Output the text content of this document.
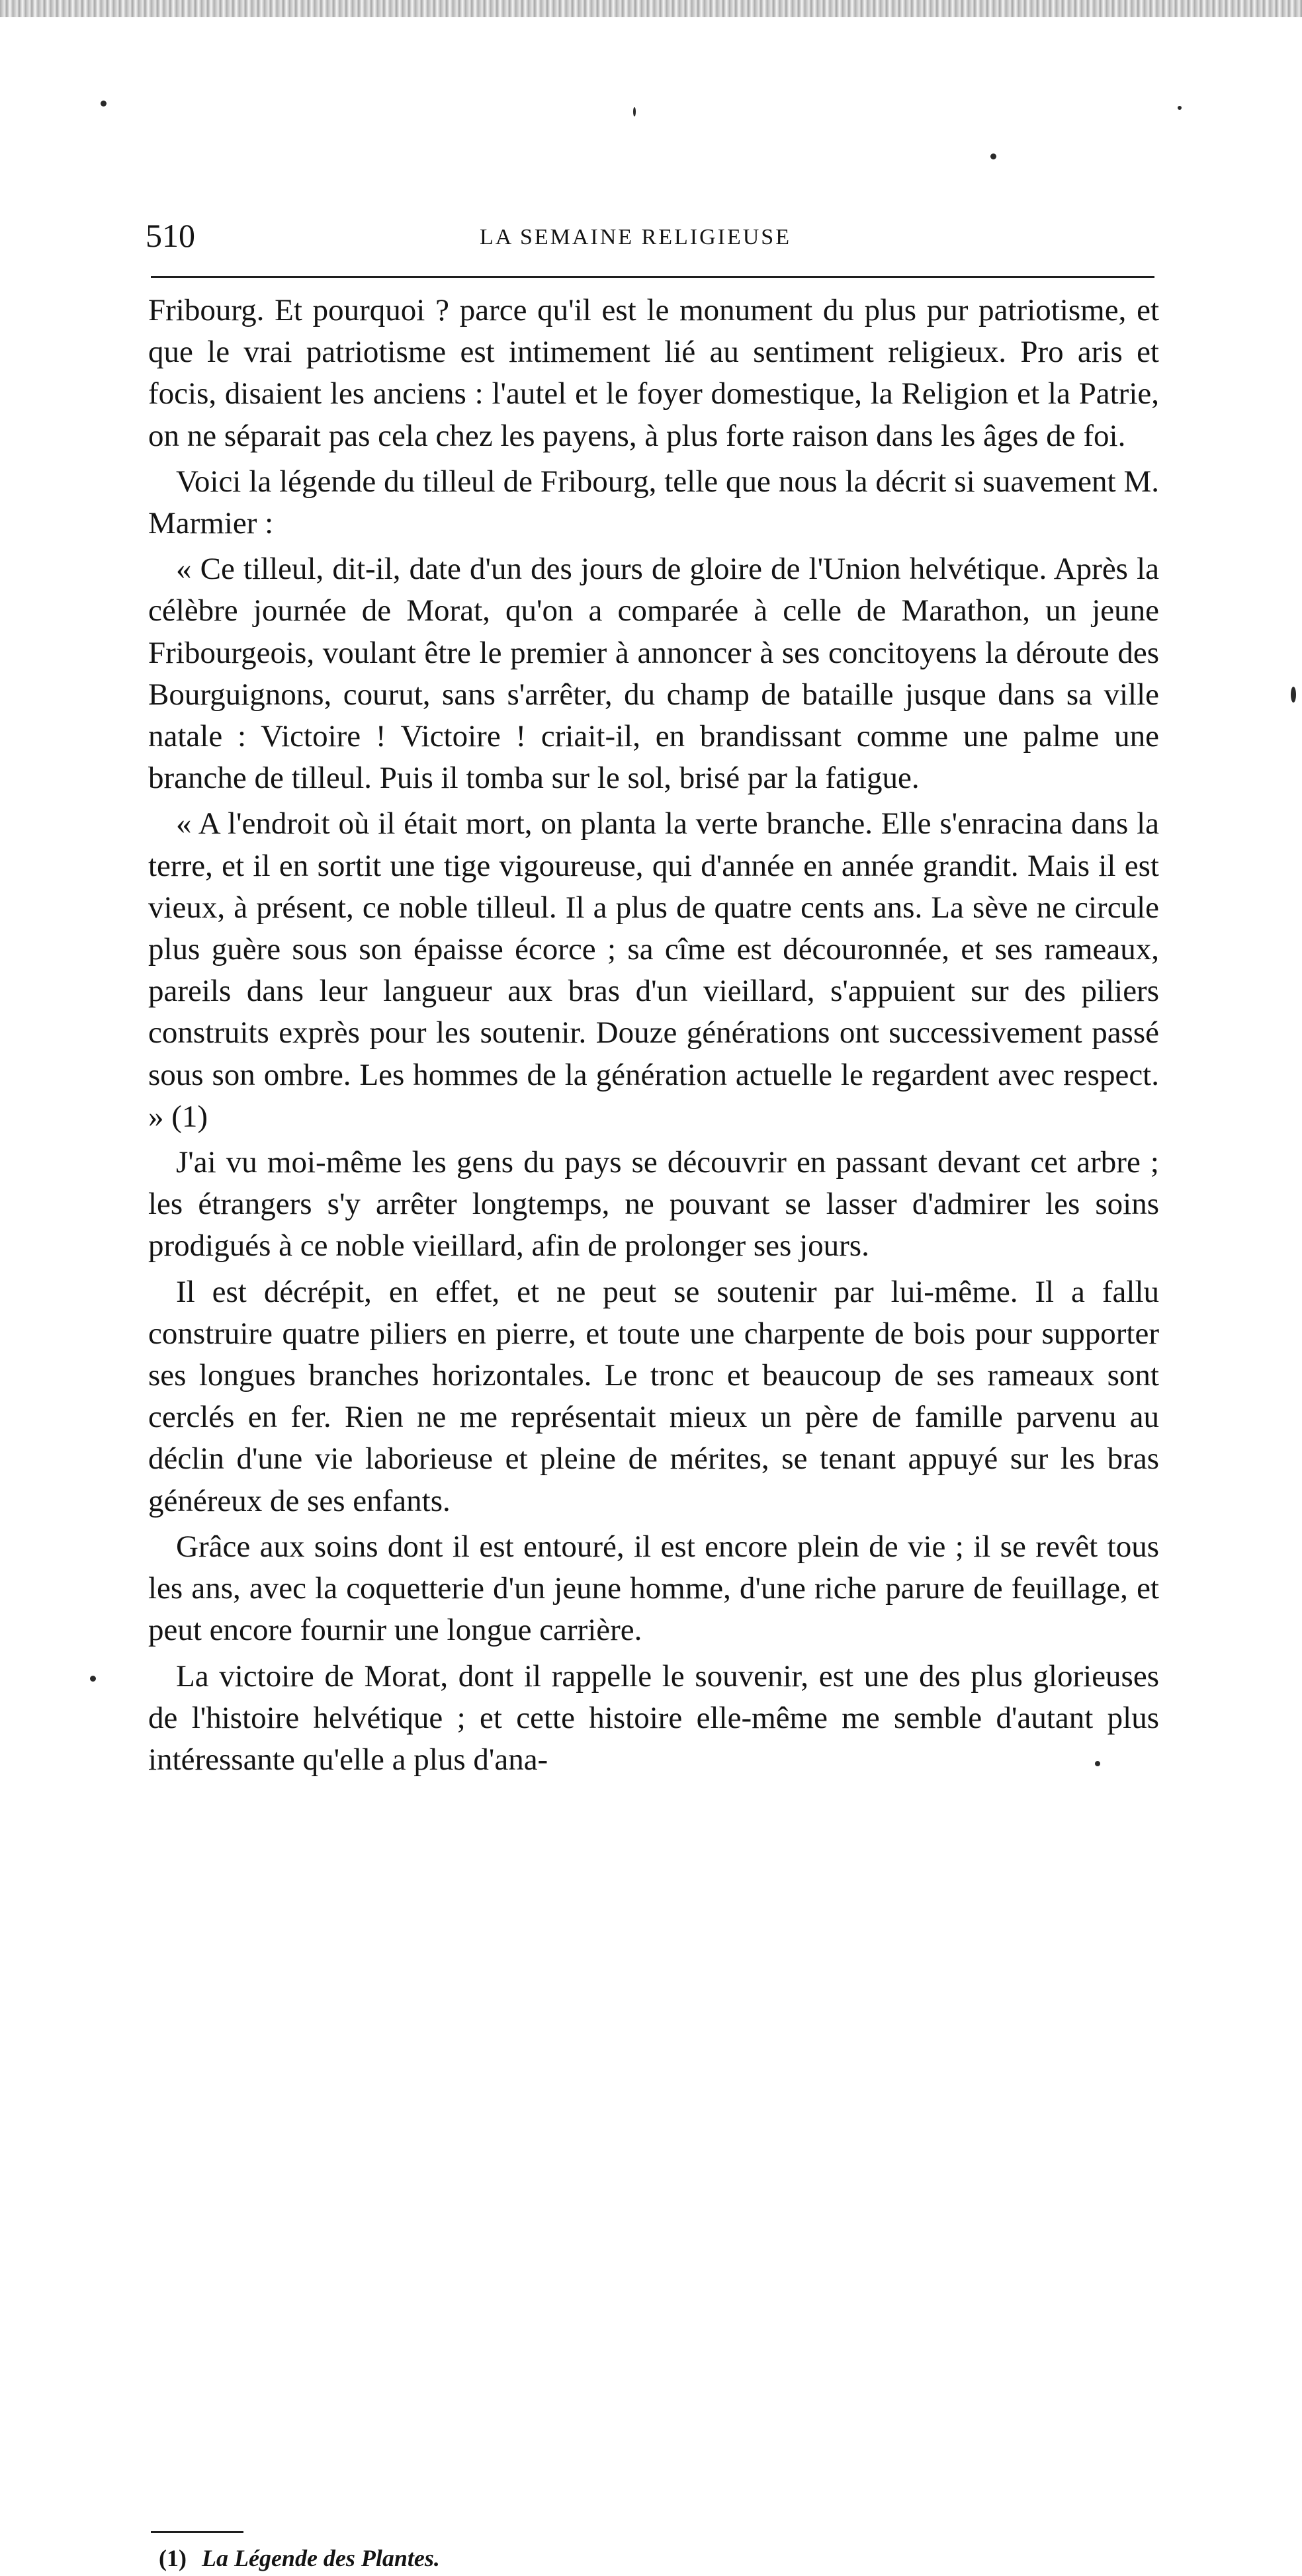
510	LA SEMAINE RELIGIEUSE

Fribourg. Et pourquoi ? parce qu'il est le monument du plus pur patriotisme, et que le vrai patriotisme est intimement lié au sentiment religieux. Pro aris et focis, disaient les anciens : l'autel et le foyer domestique, la Religion et la Patrie, on ne séparait pas cela chez les payens, à plus forte raison dans les âges de foi.

Voici la légende du tilleul de Fribourg, telle que nous la décrit si suavement M. Marmier :

« Ce tilleul, dit-il, date d'un des jours de gloire de l'Union helvétique. Après la célèbre journée de Morat, qu'on a comparée à celle de Marathon, un jeune Fribourgeois, voulant être le premier à annoncer à ses concitoyens la déroute des Bourguignons, courut, sans s'arrêter, du champ de bataille jusque dans sa ville natale : Victoire ! Victoire ! criait-il, en brandissant comme une palme une branche de tilleul. Puis il tomba sur le sol, brisé par la fatigue.

« A l'endroit où il était mort, on planta la verte branche. Elle s'enracina dans la terre, et il en sortit une tige vigoureuse, qui d'année en année grandit. Mais il est vieux, à présent, ce noble tilleul. Il a plus de quatre cents ans. La sève ne circule plus guère sous son épaisse écorce ; sa cîme est découronnée, et ses rameaux, pareils dans leur langueur aux bras d'un vieillard, s'appuient sur des piliers construits exprès pour les soutenir. Douze générations ont successivement passé sous son ombre. Les hommes de la génération actuelle le regardent avec respect. » (1)

J'ai vu moi-même les gens du pays se découvrir en passant devant cet arbre ; les étrangers s'y arrêter longtemps, ne pouvant se lasser d'admirer les soins prodigués à ce noble vieillard, afin de prolonger ses jours.

Il est décrépit, en effet, et ne peut se soutenir par lui-même. Il a fallu construire quatre piliers en pierre, et toute une charpente de bois pour supporter ses longues branches horizontales. Le tronc et beaucoup de ses rameaux sont cerclés en fer. Rien ne me représentait mieux un père de famille parvenu au déclin d'une vie laborieuse et pleine de mérites, se tenant appuyé sur les bras généreux de ses enfants.

Grâce aux soins dont il est entouré, il est encore plein de vie ; il se revêt tous les ans, avec la coquetterie d'un jeune homme, d'une riche parure de feuillage, et peut encore fournir une longue carrière.

La victoire de Morat, dont il rappelle le souvenir, est une des plus glorieuses de l'histoire helvétique ; et cette histoire elle-même me semble d'autant plus intéressante qu'elle a plus d'ana-

(1) La Légende des Plantes.
